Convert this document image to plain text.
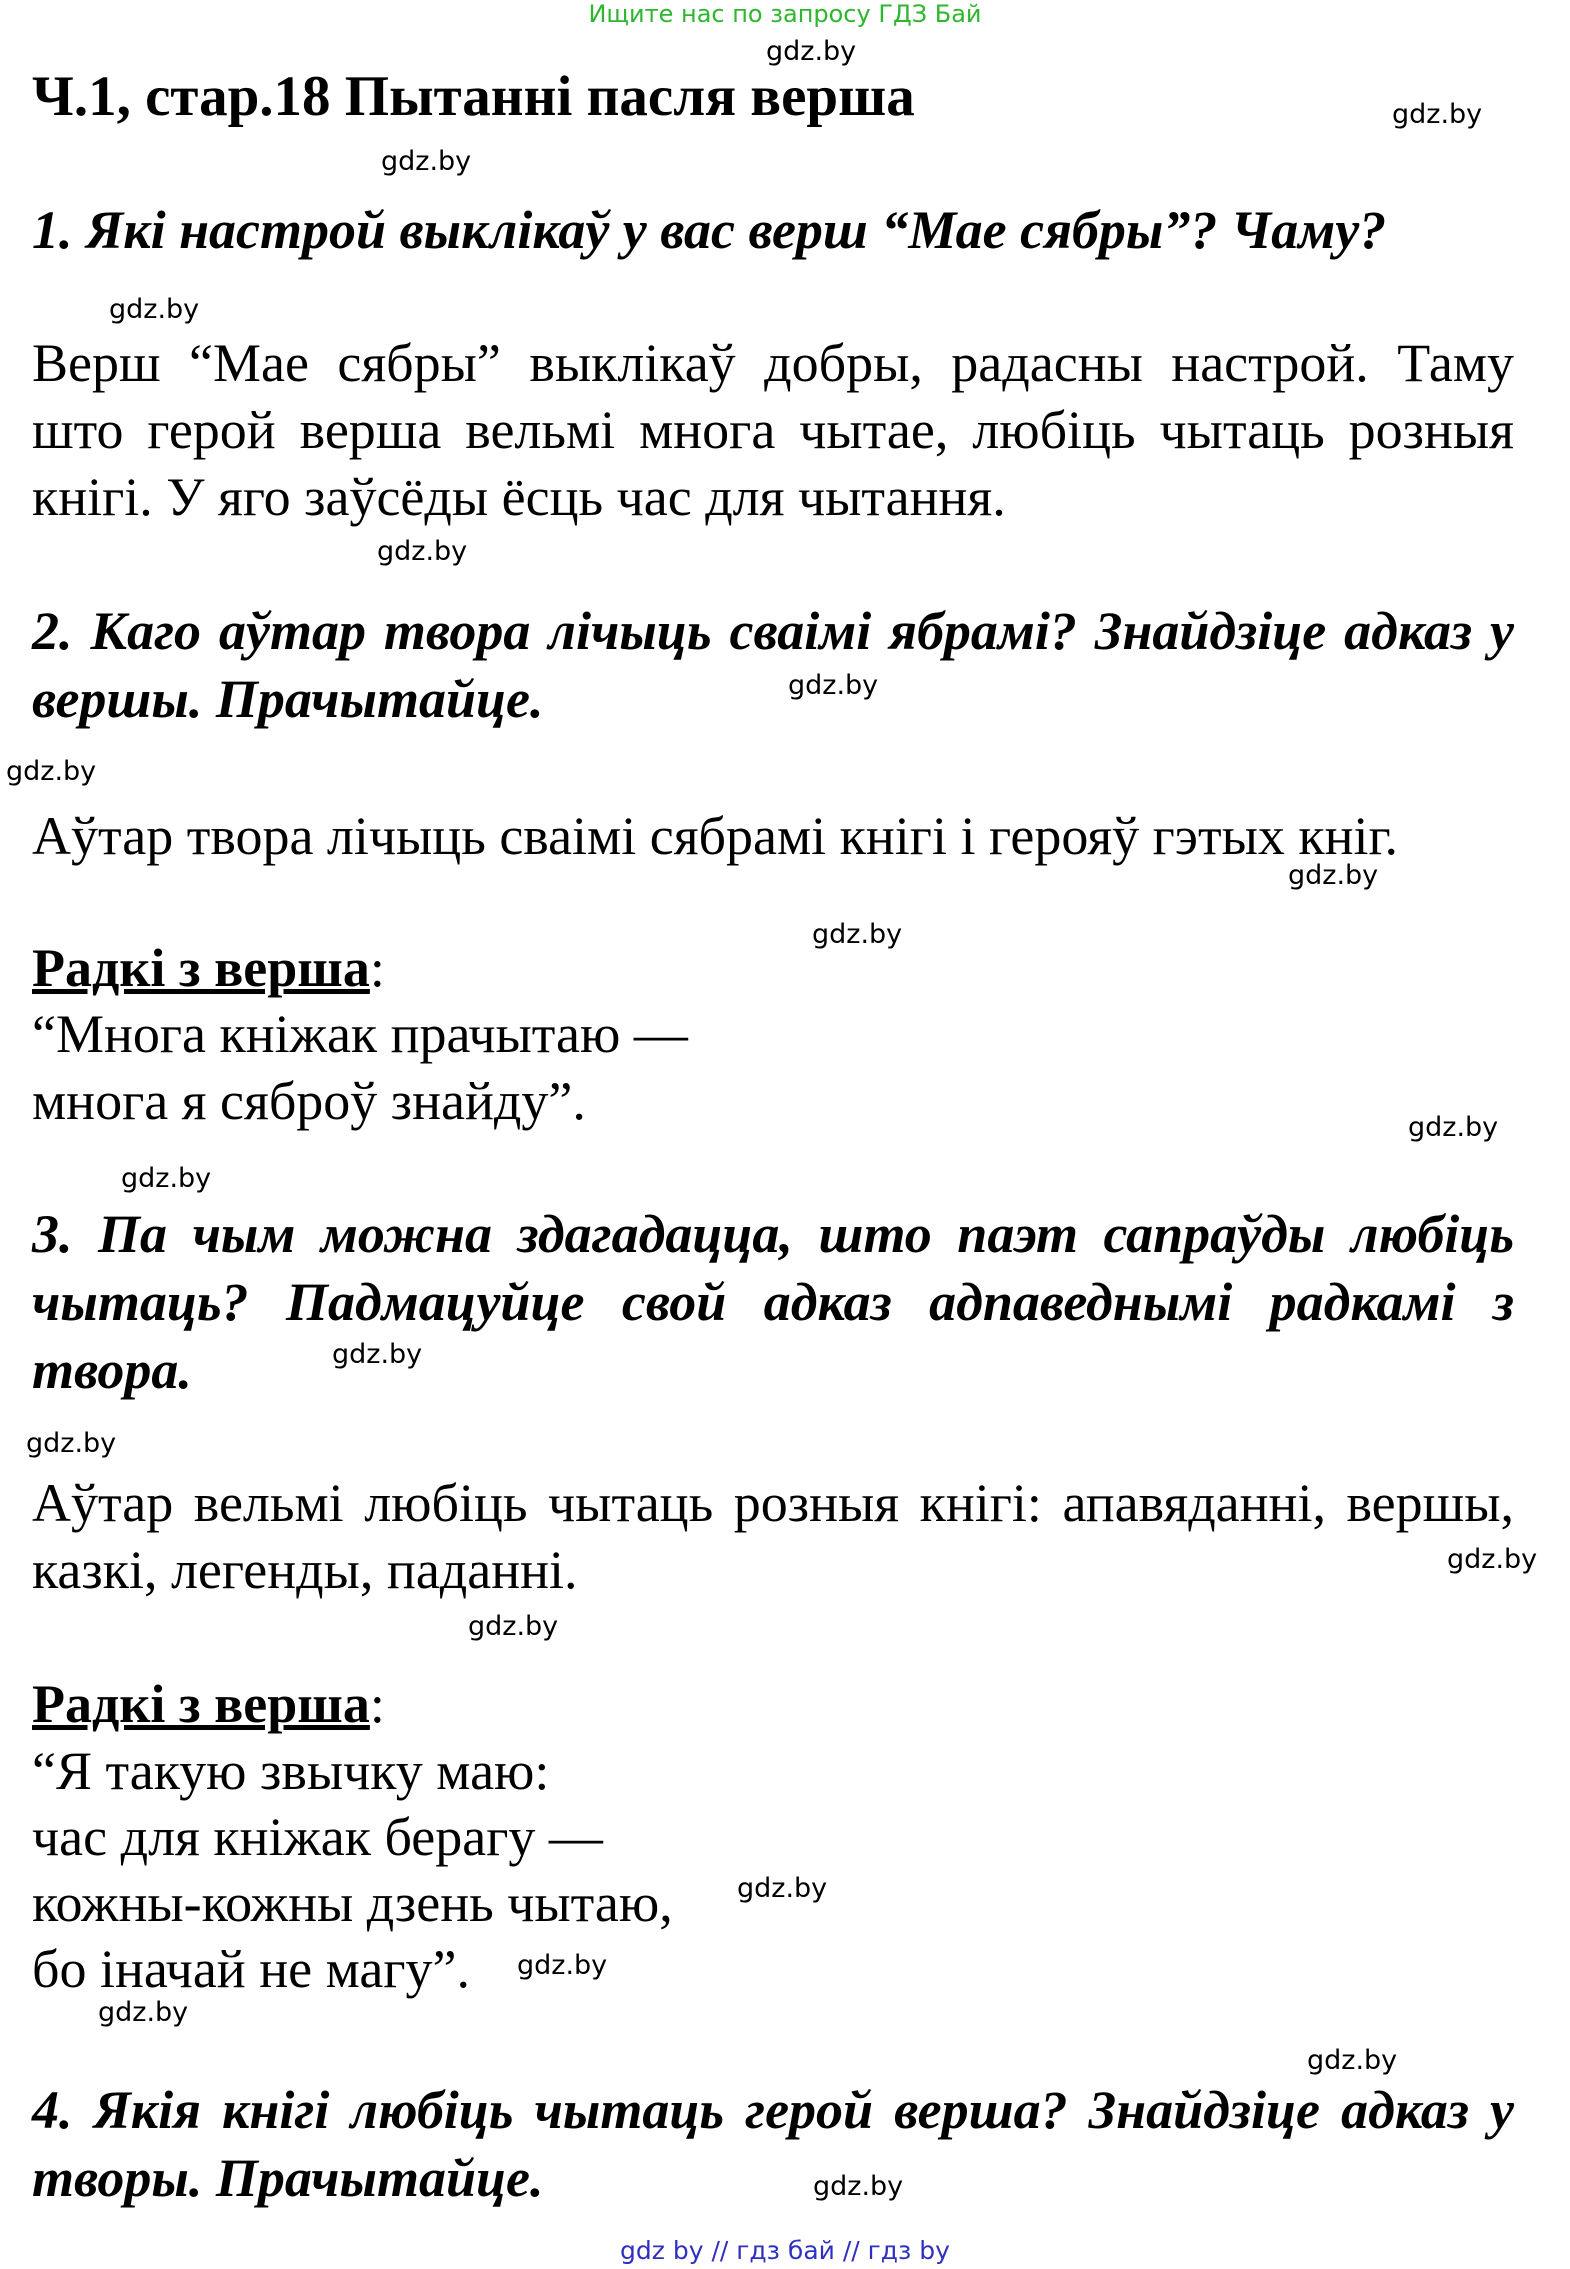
Ищите нас по запросу ГДЗ Бай
Ч.1, стар.18 Пытанні пасля верша
1. Які настрой выклікаў у вас верш “Мае сябры”? Чаму?
Верш “Мае сябры” выклікаў добры, радасны настрой. Таму што герой верша вельмі многа чытае, любіць чытаць розныя кнігі. У яго заўсёды ёсць час для чытання.
2. Каго аўтар твора лічыць сваімі ябрамі? Знайдзіце адказ у вершы. Прачытайце.
Аўтар твора лічыць сваімі сябрамі кнігі і герояў гэтых кніг.
Радкі з верша:
“Многа кніжак прачытаю —
многа я сяброў знайду”.
3. Па чым можна здагадацца, што паэт сапраўды любіць чытаць? Падмацуйце свой адказ адпаведнымі радкамі з твора.
Аўтар вельмі любіць чытаць розныя кнігі: апавяданні, вершы, казкі, легенды, паданні.
Радкі з верша:
“Я такую звычку маю:
час для кніжак берагу —
кожны-кожны дзень чытаю,
бо іначай не магу”.
4. Якія кнігі любіць чытаць герой верша? Знайдзіце адказ у творы. Прачытайце.
gdz.by
gdz.by
gdz.by
gdz.by
gdz.by
gdz.by
gdz.by
gdz.by
gdz.by
gdz.by
gdz.by
gdz.by
gdz.by
gdz.by
gdz.by
gdz.by
gdz.by
gdz.by
gdz.by
gdz.by
gdz by // гдз бай // гдз by
